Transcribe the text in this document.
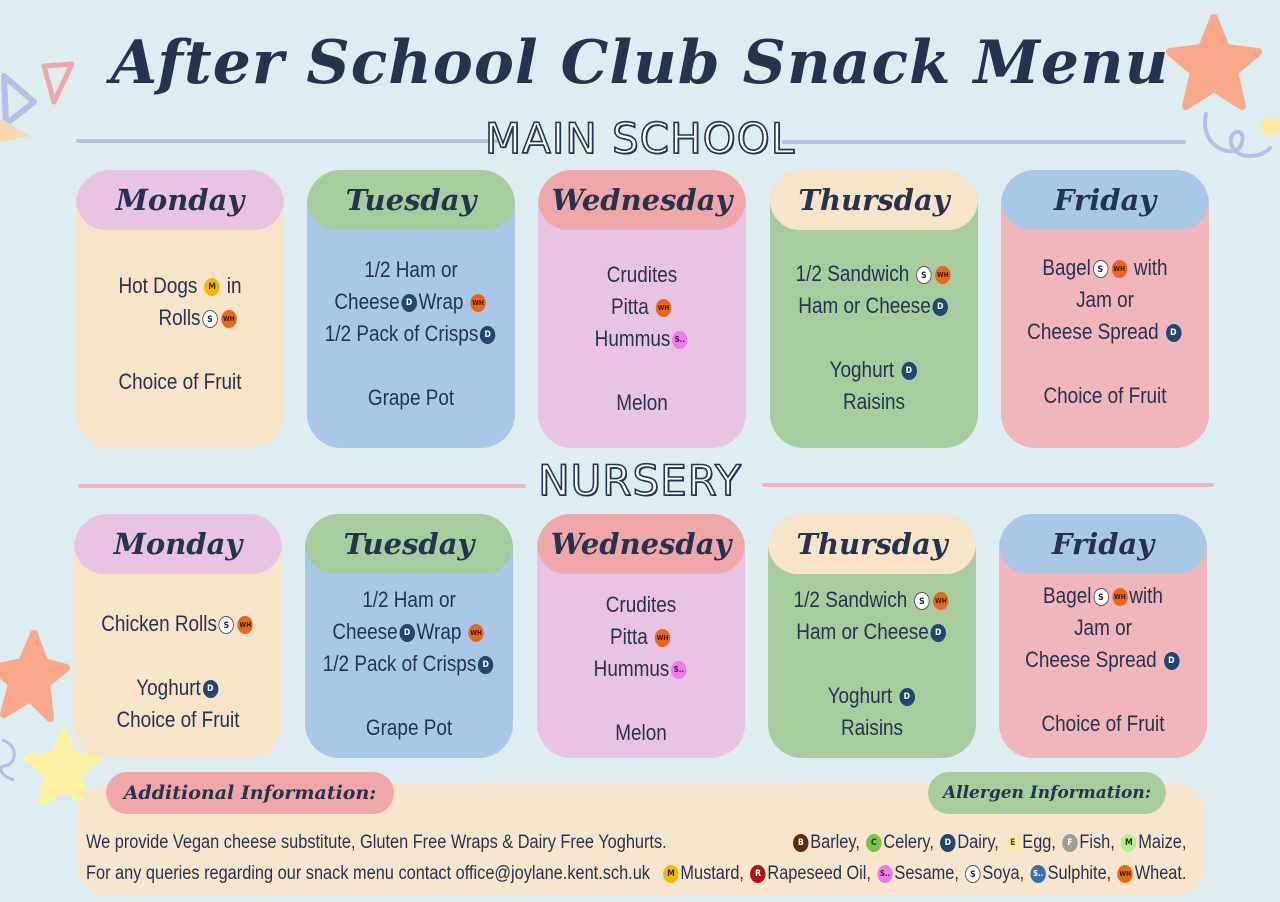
After School Club Snack Menu
MAIN SCHOOL
Monday
Hot Dogs M in
Rolls S WH
Choice of Fruit
Tuesday
1/2 Ham or
Cheese D Wrap WH
1/2 Pack of Crisps D
Grape Pot
Wednesday
Crudites
Pitta WH
Hummus S..
Melon
Thursday
1/2 Sandwich S WH
Ham or Cheese D
Yoghurt D
Raisins
Friday
Bagel S WH with
Jam or
Cheese Spread D
Choice of Fruit
NURSERY
Monday
Chicken Rolls S WH
Yoghurt D
Choice of Fruit
Tuesday
1/2 Ham or
Cheese D Wrap WH
1/2 Pack of Crisps D
Grape Pot
Wednesday
Crudites
Pitta WH
Hummus S..
Melon
Thursday
1/2 Sandwich S WH
Ham or Cheese D
Yoghurt D
Raisins
Friday
Bagel S WH with
Jam or
Cheese Spread D
Choice of Fruit
Additional Information:	Allergen Information:
We provide Vegan cheese substitute, Gluten Free Wraps & Dairy Free Yoghurts.
For any queries regarding our snack menu contact office@joylane.kent.sch.uk
B Barley, C Celery, D Dairy, E Egg, F Fish, M Maize,
M Mustard, R Rapeseed Oil, S.. Sesame, S Soya, S.. Sulphite, WH Wheat.
